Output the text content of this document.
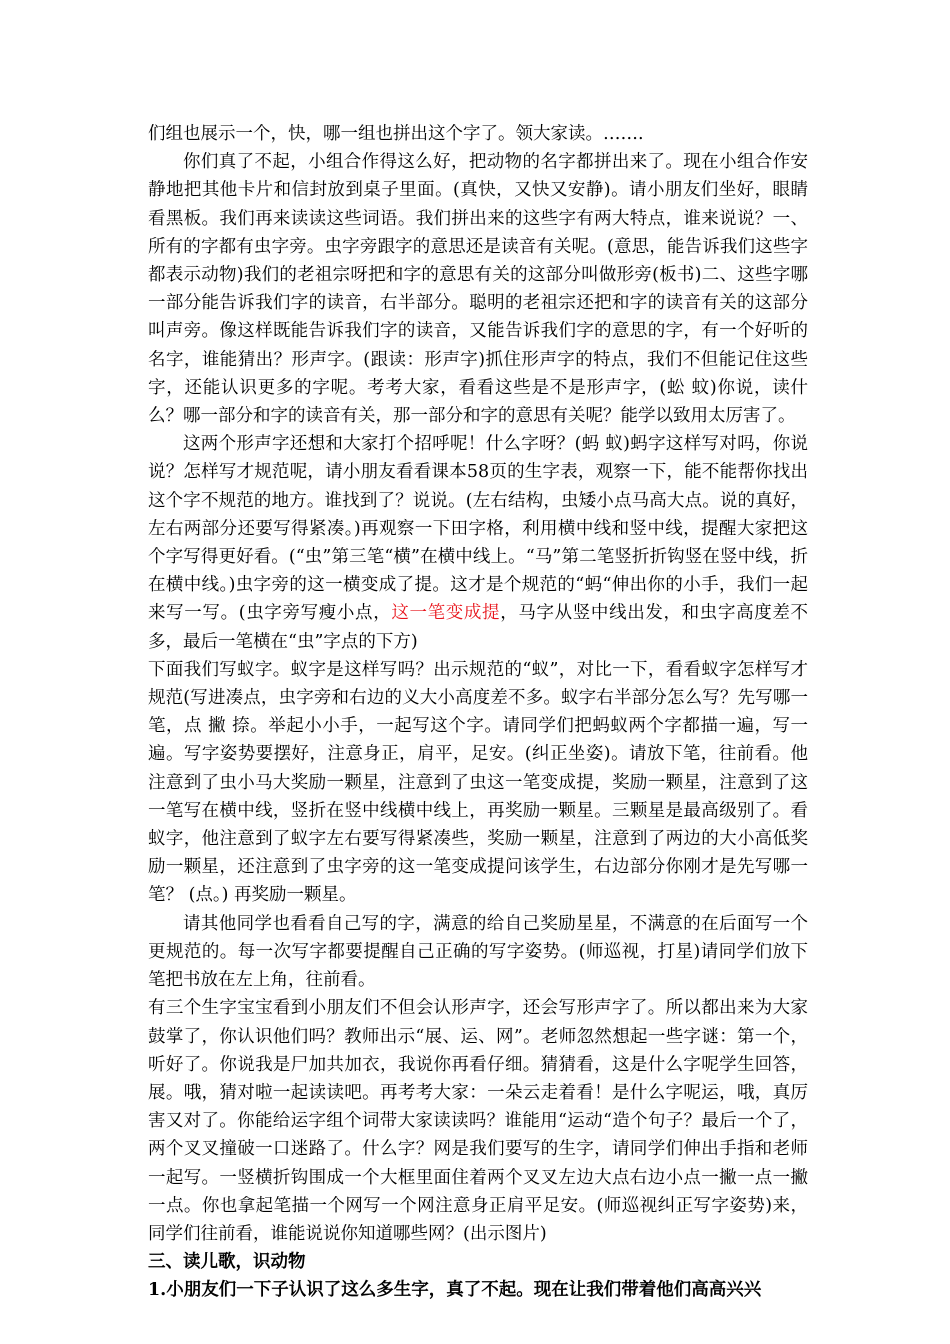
们组也展示一个，快，哪一组也拼出这个字了。领大家读。…….

你们真了不起，小组合作得这么好，把动物的名字都拼出来了。现在小组合作安静地把其他卡片和信封放到桌子里面。(真快，又快又安静)。请小朋友们坐好，眼睛看黑板。我们再来读读这些词语。我们拼出来的这些字有两大特点，谁来说说？一、所有的字都有虫字旁。虫字旁跟字的意思还是读音有关呢。(意思，能告诉我们这些字都表示动物)我们的老祖宗呀把和字的意思有关的这部分叫做形旁(板书)二、这些字哪一部分能告诉我们字的读音，右半部分。聪明的老祖宗还把和字的读音有关的这部分叫声旁。像这样既能告诉我们字的读音，又能告诉我们字的意思的字，有一个好听的名字，谁能猜出？形声字。(跟读：形声字)抓住形声字的特点，我们不但能记住这些字，还能认识更多的字呢。考考大家，看看这些是不是形声字，(蚣 蚊)你说，读什么？哪一部分和字的读音有关，那一部分和字的意思有关呢？能学以致用太厉害了。

这两个形声字还想和大家打个招呼呢！什么字呀？(蚂 蚁)蚂字这样写对吗，你说说？怎样写才规范呢，请小朋友看看课本58页的生字表，观察一下，能不能帮你找出这个字不规范的地方。谁找到了？说说。(左右结构，虫矮小点马高大点。说的真好，左右两部分还要写得紧凑。)再观察一下田字格，利用横中线和竖中线，提醒大家把这个字写得更好看。(“虫”第三笔“横”在横中线上。“马”第二笔竖折折钩竖在竖中线，折在横中线。)虫字旁的这一横变成了提。这才是个规范的“蚂“伸出你的小手，我们一起来写一写。(虫字旁写瘦小点，这一笔变成提，马字从竖中线出发，和虫字高度差不多，最后一笔横在“虫”字点的下方)

下面我们写蚁字。蚁字是这样写吗？出示规范的“蚁”，对比一下，看看蚁字怎样写才规范(写进凑点，虫字旁和右边的义大小高度差不多。蚁字右半部分怎么写？先写哪一笔，点 撇 捺。举起小小手，一起写这个字。请同学们把蚂蚁两个字都描一遍，写一遍。写字姿势要摆好，注意身正，肩平，足安。(纠正坐姿)。请放下笔，往前看。他注意到了虫小马大奖励一颗星，注意到了虫这一笔变成提，奖励一颗星，注意到了这一笔写在横中线，竖折在竖中线横中线上，再奖励一颗星。三颗星是最高级别了。看蚁字，他注意到了蚁字左右要写得紧凑些，奖励一颗星，注意到了两边的大小高低奖励一颗星，还注意到了虫字旁的这一笔变成提问该学生，右边部分你刚才是先写哪一笔？ (点。) 再奖励一颗星。

请其他同学也看看自己写的字，满意的给自己奖励星星，不满意的在后面写一个更规范的。每一次写字都要提醒自己正确的写字姿势。(师巡视，打星)请同学们放下笔把书放在左上角，往前看。

有三个生字宝宝看到小朋友们不但会认形声字，还会写形声字了。所以都出来为大家鼓掌了，你认识他们吗？教师出示“展、运、网”。老师忽然想起一些字谜：第一个，听好了。你说我是尸加共加衣，我说你再看仔细。猜猜看，这是什么字呢学生回答，展。哦，猜对啦一起读读吧。再考考大家：一朵云走着看！是什么字呢运，哦，真厉害又对了。你能给运字组个词带大家读读吗？谁能用“运动“造个句子？最后一个了，两个叉叉撞破一口迷路了。什么字？网是我们要写的生字，请同学们伸出手指和老师一起写。一竖横折钩围成一个大框里面住着两个叉叉左边大点右边小点一撇一点一撇一点。你也拿起笔描一个网写一个网注意身正肩平足安。(师巡视纠正写字姿势)来，同学们往前看，谁能说说你知道哪些网？(出示图片)

三、读儿歌，识动物

1.小朋友们一下子认识了这么多生字，真了不起。现在让我们带着他们高高兴兴
